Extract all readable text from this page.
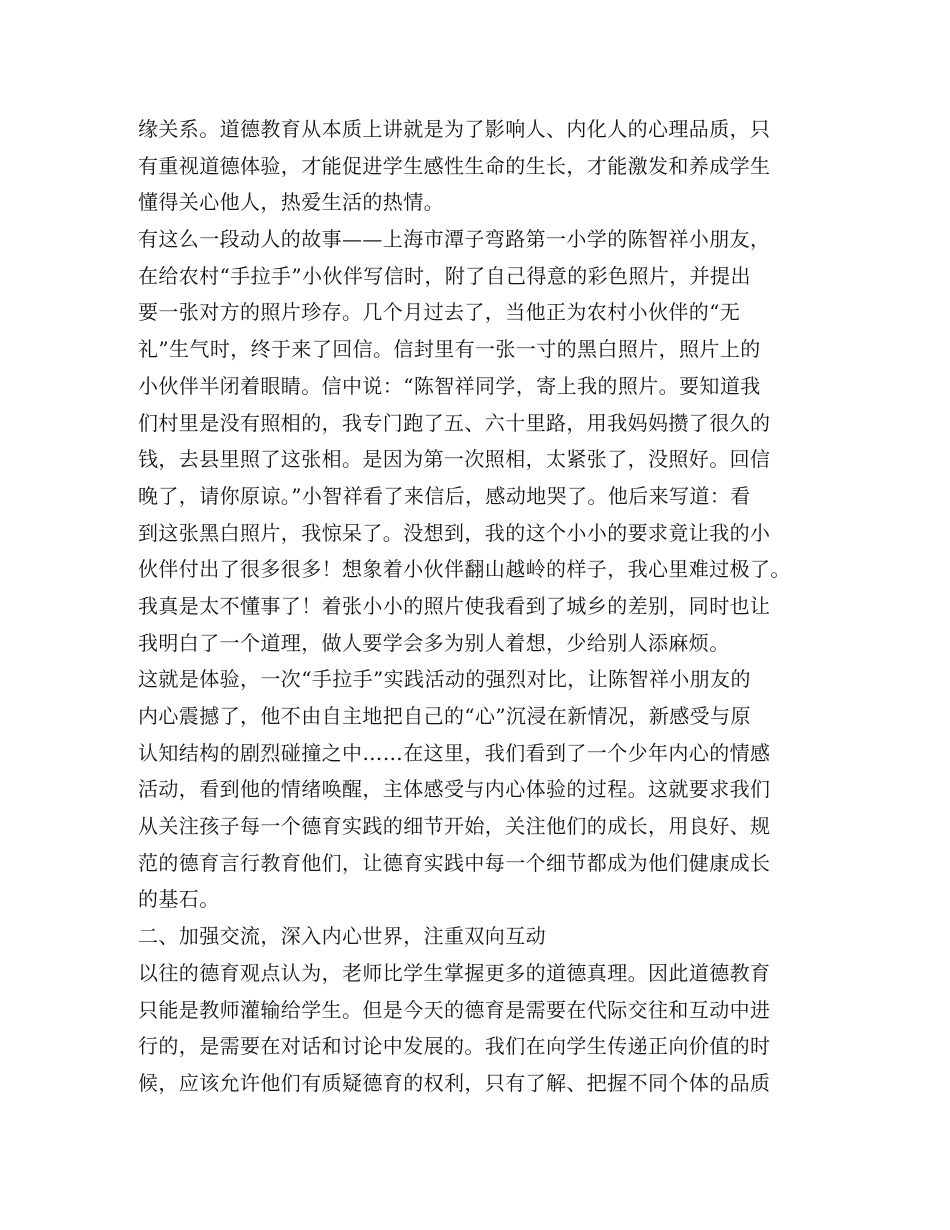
缘关系。道德教育从本质上讲就是为了影响人、内化人的心理品质，只
有重视道德体验，才能促进学生感性生命的生长，才能激发和养成学生
懂得关心他人，热爱生活的热情。
有这么一段动人的故事——上海市潭子弯路第一小学的陈智祥小朋友，
在给农村“手拉手”小伙伴写信时，附了自己得意的彩色照片，并提出
要一张对方的照片珍存。几个月过去了，当他正为农村小伙伴的“无
礼”生气时，终于来了回信。信封里有一张一寸的黑白照片，照片上的
小伙伴半闭着眼睛。信中说：“陈智祥同学，寄上我的照片。要知道我
们村里是没有照相的，我专门跑了五、六十里路，用我妈妈攒了很久的
钱，去县里照了这张相。是因为第一次照相，太紧张了，没照好。回信
晚了，请你原谅。”小智祥看了来信后，感动地哭了。他后来写道：看
到这张黑白照片，我惊呆了。没想到，我的这个小小的要求竟让我的小
伙伴付出了很多很多！想象着小伙伴翻山越岭的样子，我心里难过极了。
我真是太不懂事了！着张小小的照片使我看到了城乡的差别，同时也让
我明白了一个道理，做人要学会多为别人着想，少给别人添麻烦。
这就是体验，一次“手拉手”实践活动的强烈对比，让陈智祥小朋友的
内心震撼了，他不由自主地把自己的“心”沉浸在新情况，新感受与原
认知结构的剧烈碰撞之中……在这里，我们看到了一个少年内心的情感
活动，看到他的情绪唤醒，主体感受与内心体验的过程。这就要求我们
从关注孩子每一个德育实践的细节开始，关注他们的成长，用良好、规
范的德育言行教育他们，让德育实践中每一个细节都成为他们健康成长
的基石。
二、加强交流，深入内心世界，注重双向互动
以往的德育观点认为，老师比学生掌握更多的道德真理。因此道德教育
只能是教师灌输给学生。但是今天的德育是需要在代际交往和互动中进
行的，是需要在对话和讨论中发展的。我们在向学生传递正向价值的时
候，应该允许他们有质疑德育的权利，只有了解、把握不同个体的品质
